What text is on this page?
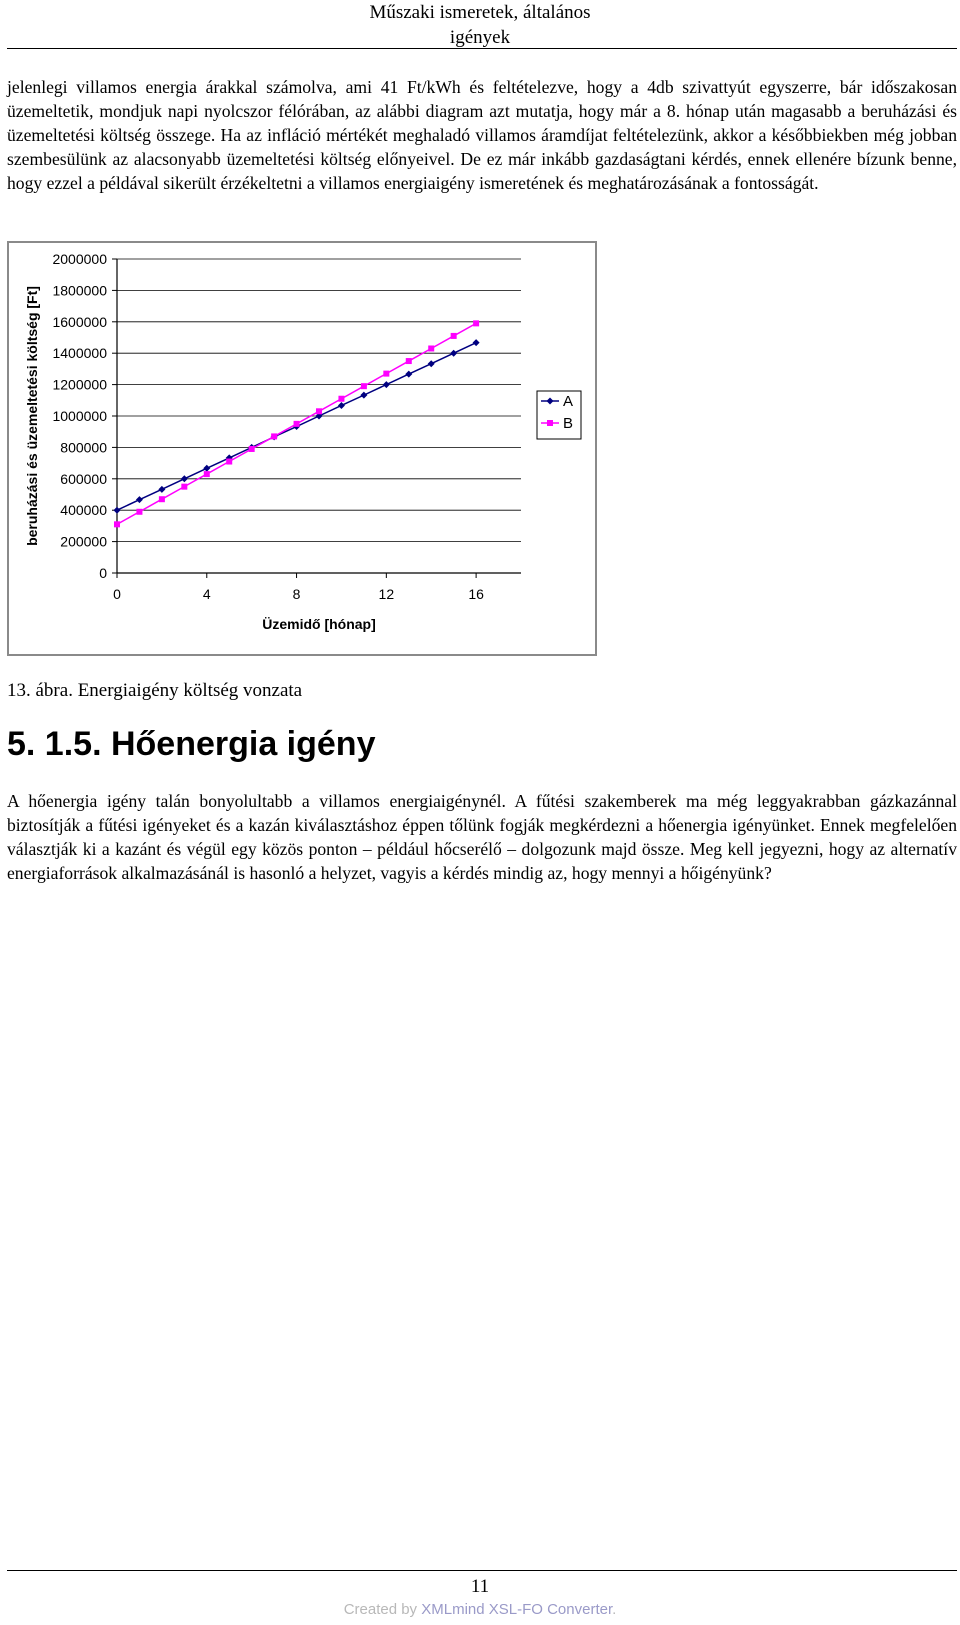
Műszaki ismeretek, általános
igények

jelenlegi villamos energia árakkal számolva, ami 41 Ft/kWh és feltételezve, hogy a 4db szivattyút egyszerre, bár időszakosan üzemeltetik, mondjuk napi nyolcszor félórában, az alábbi diagram azt mutatja, hogy már a 8. hónap után magasabb a beruházási és üzemeltetési költség összege. Ha az infláció mértékét meghaladó villamos áramdíjat feltételezünk, akkor a későbbiekben még jobban szembesülünk az alacsonyabb üzemeltetési költség előnyeivel. De ez már inkább gazdaságtani kérdés, ennek ellenére bízunk benne, hogy ezzel a példával sikerült érzékeltetni a villamos energiaigény ismeretének és meghatározásának a fontosságát.

0
200000
400000
600000
800000
1000000
1200000
1400000
1600000
1800000
2000000
0	4	8	12	16
Üzemidő [hónap]
beruházási és üzemeltetési költség [Ft]	A
B
13. ábra. Energiaigény költség vonzata
5. 1.5. Hőenergia igény

A hőenergia igény talán bonyolultabb a villamos energiaigénynél. A fűtési szakemberek ma még leggyakrabban gázkazánnal biztosítják a fűtési igényeket és a kazán kiválasztáshoz éppen tőlünk fogják megkérdezni a hőenergia igényünket. Ennek megfelelően választják ki a kazánt és végül egy közös ponton – például hőcserélő – dolgozunk majd össze. Meg kell jegyezni, hogy az alternatív energiaforrások alkalmazásánál is hasonló a helyzet, vagyis a kérdés mindig az, hogy mennyi a hőigényünk?

11
Created by XMLmind XSL-FO Converter.
